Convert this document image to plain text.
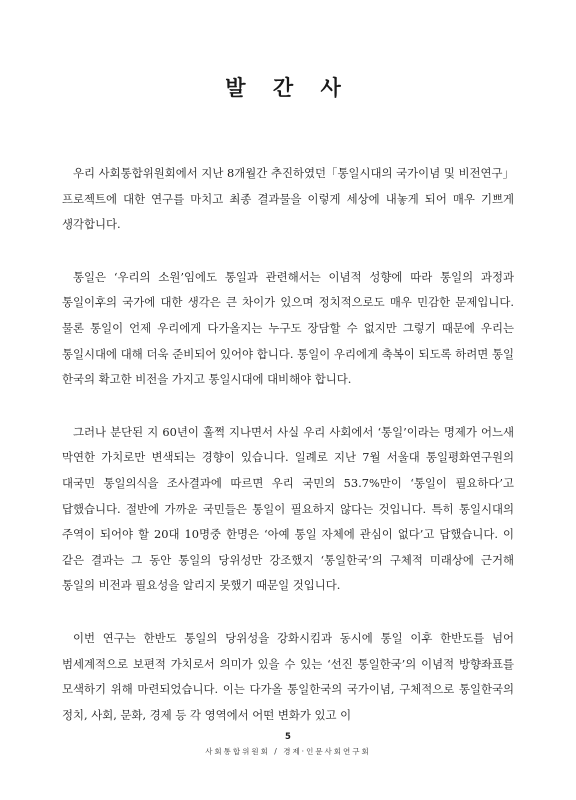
발 간 사

우리 사회통합위원회에서 지난 8개월간 추진하였던「통일시대의 국가이념 및 비전연구」프로젝트에 대한 연구를 마치고 최종 결과물을 이렇게 세상에 내놓게 되어 매우 기쁘게 생각합니다.

통일은 ‘우리의 소원’임에도 통일과 관련해서는 이념적 성향에 따라 통일의 과정과 통일이후의 국가에 대한 생각은 큰 차이가 있으며 정치적으로도 매우 민감한 문제입니다. 물론 통일이 언제 우리에게 다가올지는 누구도 장담할 수 없지만 그렇기 때문에 우리는 통일시대에 대해 더욱 준비되어 있어야 합니다. 통일이 우리에게 축복이 되도록 하려면 통일 한국의 확고한 비전을 가지고 통일시대에 대비해야 합니다.

그러나 분단된 지 60년이 훌쩍 지나면서 사실 우리 사회에서 ‘통일’이라는 명제가 어느새 막연한 가치로만 변색되는 경향이 있습니다. 일례로 지난 7월 서울대 통일평화연구원의 대국민 통일의식을 조사결과에 따르면 우리 국민의 53.7%만이 ‘통일이 필요하다’고 답했습니다. 절반에 가까운 국민들은 통일이 필요하지 않다는 것입니다. 특히 통일시대의 주역이 되어야 할 20대 10명중 한명은 ‘아예 통일 자체에 관심이 없다’고 답했습니다. 이 같은 결과는 그 동안 통일의 당위성만 강조했지 ‘통일한국’의 구체적 미래상에 근거해 통일의 비전과 필요성을 알리지 못했기 때문일 것입니다.

이번 연구는 한반도 통일의 당위성을 강화시킴과 동시에 통일 이후 한반도를 넘어 범세계적으로 보편적 가치로서 의미가 있을 수 있는 ‘선진 통일한국’의 이념적 방향좌표를 모색하기 위해 마련되었습니다. 이는 다가올 통일한국의 국가이념, 구체적으로 통일한국의 정치, 사회, 문화, 경제 등 각 영역에서 어떤 변화가 있고 이

5
사회통합위원회 / 경제·인문사회연구회
